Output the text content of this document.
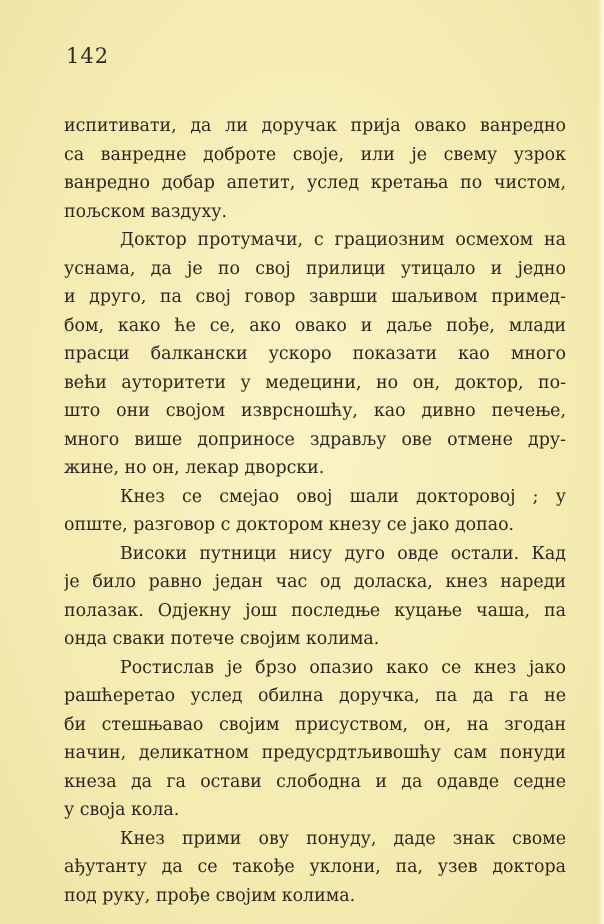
142
испитивати, да ли доручак прија овако ванредно
са ванредне доброте своје, или је свему узрок
ванредно добар апетит, услед кретања по чистом,
пољском ваздуху.
Доктор протумачи, с грациозним осмехом на
уснама, да је по свој прилици утицало и једно
и друго, па свој говор заврши шаљивом примед-
бом, како ће се, ако овако и даље пође, млади
прасци балкански ускоро показати као много
већи ауторитети у медецини, но он, доктор, по-
што они својом изврсношћу, као дивно печење,
много више доприносе здрављу ове отмене дру-
жине, но он, лекар дворски.
Кнез се смејао овој шали докторовој ; у
опште, разговор с доктором кнезу се јако допао.
Високи путници нису дуго овде остали. Кад
је било равно један час од доласка, кнез нареди
полазак. Одјекну још последње куцање чаша, па
онда сваки потече својим колима.
Ростислав је брзо опазио како се кнез јако
рашћеретао услед обилна доручка, па да га не
би стешњавао својим присуством, он, на згодан
начин, деликатном предусрдтљивошћу сам понуди
кнеза да га остави слободна и да одавде седне
у своја кола.
Кнез прими ову понуду, даде знак своме
ађутанту да се такође уклони, па, узев доктора
под руку, прође својим колима.
